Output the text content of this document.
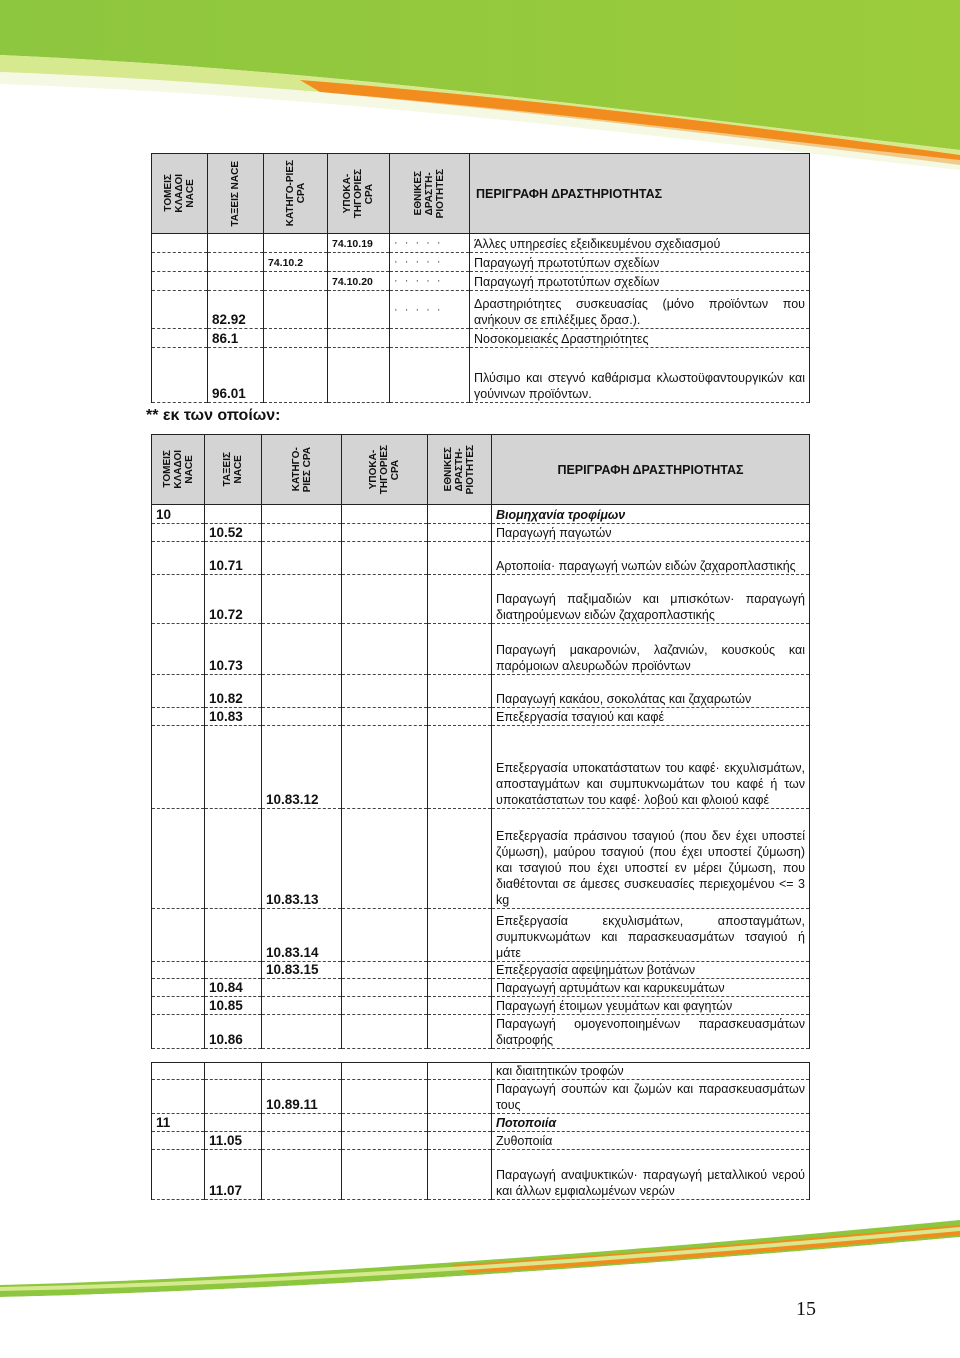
ΤΟΜΕΙΣ
ΚΛΑΔΟΙ
NACE	ΤΑΞΕΙΣ NACE	ΚΑΤΗΓΟ-ΡΙΕΣ
CPA	ΥΠΟΚΑ-
ΤΗΓΟΡΙΕΣ
CPA	ΕΘΝΙΚΕΣ
ΔΡΑΣΤΗ-
ΡΙΟΤΗΤΕΣ	ΠΕΡΙΓΡΑΦΗ ΔΡΑΣΤΗΡΙΟΤΗΤΑΣ
			74.10.19	· · · · ·	Άλλες υπηρεσίες εξειδικευμένου σχεδιασμού

		74.10.2		· · · · ·	Παραγωγή πρωτοτύπων σχεδίων

			74.10.20	· · · · ·	Παραγωγή πρωτοτύπων σχεδίων

	82.92			· · · · ·	Δραστηριότητες συσκευασίας (μόνο προϊόντων που ανήκουν σε επιλέξιμες δρασ.).

	86.1				Νοσοκομειακές Δραστηριότητες

	96.01				Πλύσιμο και στεγνό καθάρισμα κλωστοϋφαντουργικών και γούνινων προϊόντων.
** εκ των οποίων:
ΤΟΜΕΙΣ
ΚΛΑΔΟΙ
NACE	ΤΑΞΕΙΣ
NACE	ΚΑΤΗΓΟ-
ΡΙΕΣ CPA	ΥΠΟΚΑ-
ΤΗΓΟΡΙΕΣ
CPA	ΕΘΝΙΚΕΣ
ΔΡΑΣΤΗ-
ΡΙΟΤΗΤΕΣ	ΠΕΡΙΓΡΑΦΗ ΔΡΑΣΤΗΡΙΟΤΗΤΑΣ
10					Βιομηχανία τροφίμων

	10.52				Παραγωγή παγωτών

	10.71				Αρτοποιία· παραγωγή νωπών ειδών ζαχαροπλαστικής

	10.72				Παραγωγή παξιμαδιών και μπισκότων· παραγωγή διατηρούμενων ειδών ζαχαροπλαστικής

	10.73				Παραγωγή μακαρονιών, λαζανιών, κουσκούς και παρόμοιων αλευρωδών προϊόντων

	10.82				Παραγωγή κακάου, σοκολάτας και ζαχαρωτών

	10.83				Επεξεργασία τσαγιού και καφέ

		10.83.12			Επεξεργασία υποκατάστατων του καφέ· εκχυλισμάτων, αποσταγμάτων και συμπυκνωμάτων του καφέ ή των υποκατάστατων του καφέ· λοβού και φλοιού καφέ

		10.83.13			Επεξεργασία πράσινου τσαγιού (που δεν έχει υποστεί ζύμωση), μαύρου τσαγιού (που έχει υποστεί ζύμωση) και τσαγιού που έχει υποστεί εν μέρει ζύμωση, που διαθέτονται σε άμεσες συσκευασίες περιεχομένου <= 3 kg

		10.83.14			Επεξεργασία εκχυλισμάτων, αποσταγμάτων, συμπυκνωμάτων και παρασκευασμάτων τσαγιού ή μάτε

		10.83.15			Επεξεργασία αφεψημάτων βοτάνων

	10.84				Παραγωγή αρτυμάτων και καρυκευμάτων

	10.85				Παραγωγή έτοιμων γευμάτων και φαγητών

	10.86				Παραγωγή ομογενοποιημένων παρασκευασμάτων διατροφής

					και διαιτητικών τροφών

		10.89.11			Παραγωγή σουπών και ζωμών και παρασκευασμάτων τους

11					Ποτοποιία

	11.05				Ζυθοποιία

	11.07				Παραγωγή αναψυκτικών· παραγωγή μεταλλικού νερού και άλλων εμφιαλωμένων νερών
15
